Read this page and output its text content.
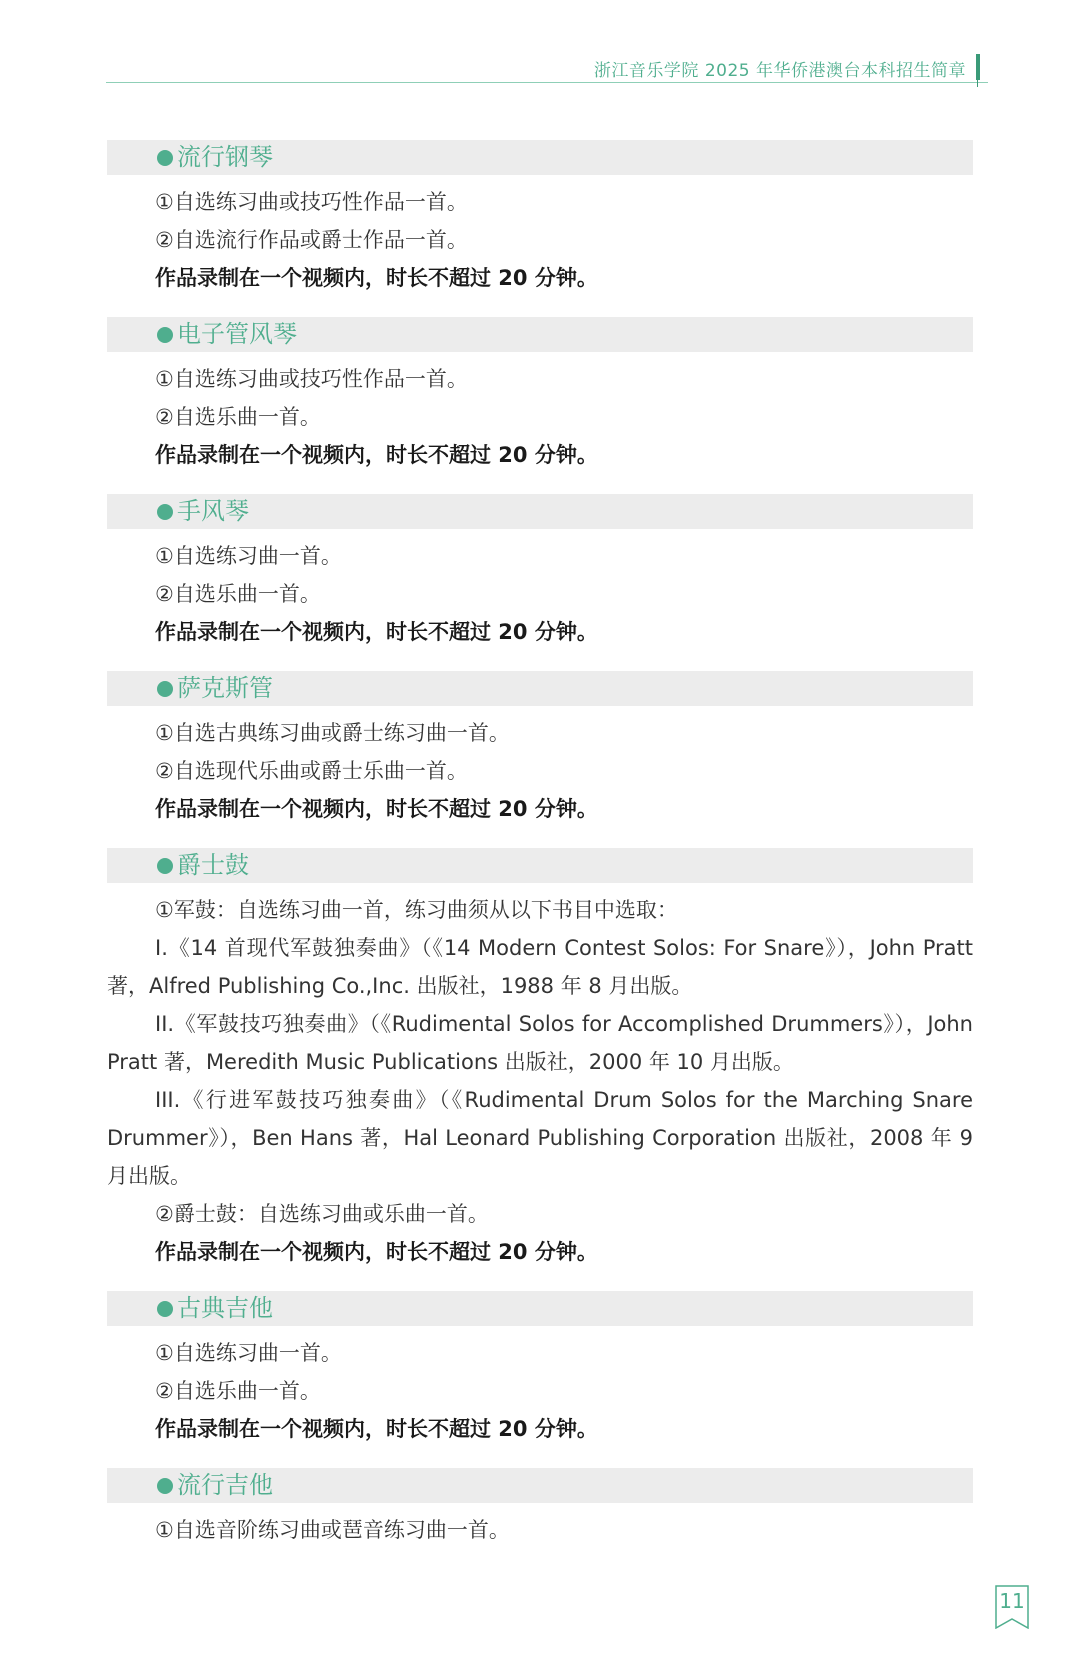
浙江音乐学院 2025 年华侨港澳台本科招生简章
流行钢琴
①自选练习曲或技巧性作品一首。
②自选流行作品或爵士作品一首。
作品录制在一个视频内，时长不超过 20 分钟。
电子管风琴
①自选练习曲或技巧性作品一首。
②自选乐曲一首。
作品录制在一个视频内，时长不超过 20 分钟。
手风琴
①自选练习曲一首。
②自选乐曲一首。
作品录制在一个视频内，时长不超过 20 分钟。
萨克斯管
①自选古典练习曲或爵士练习曲一首。
②自选现代乐曲或爵士乐曲一首。
作品录制在一个视频内，时长不超过 20 分钟。
爵士鼓
①军鼓：自选练习曲一首，练习曲须从以下书目中选取：

I.《14 首现代军鼓独奏曲》（《14 Modern Contest Solos: For Snare》），John Pratt 著，Alfred Publishing Co.,Inc. 出版社，1988 年 8 月出版。

II.《军鼓技巧独奏曲》（《Rudimental Solos for Accomplished Drummers》），John Pratt 著，Meredith Music Publications 出版社，2000 年 10 月出版。

III.《行进军鼓技巧独奏曲》（《Rudimental Drum Solos for the Marching Snare Drummer》），Ben Hans 著，Hal Leonard Publishing Corporation 出版社，2008 年 9 月出版。

②爵士鼓：自选练习曲或乐曲一首。
作品录制在一个视频内，时长不超过 20 分钟。
古典吉他
①自选练习曲一首。
②自选乐曲一首。
作品录制在一个视频内，时长不超过 20 分钟。
流行吉他
①自选音阶练习曲或琶音练习曲一首。
11
